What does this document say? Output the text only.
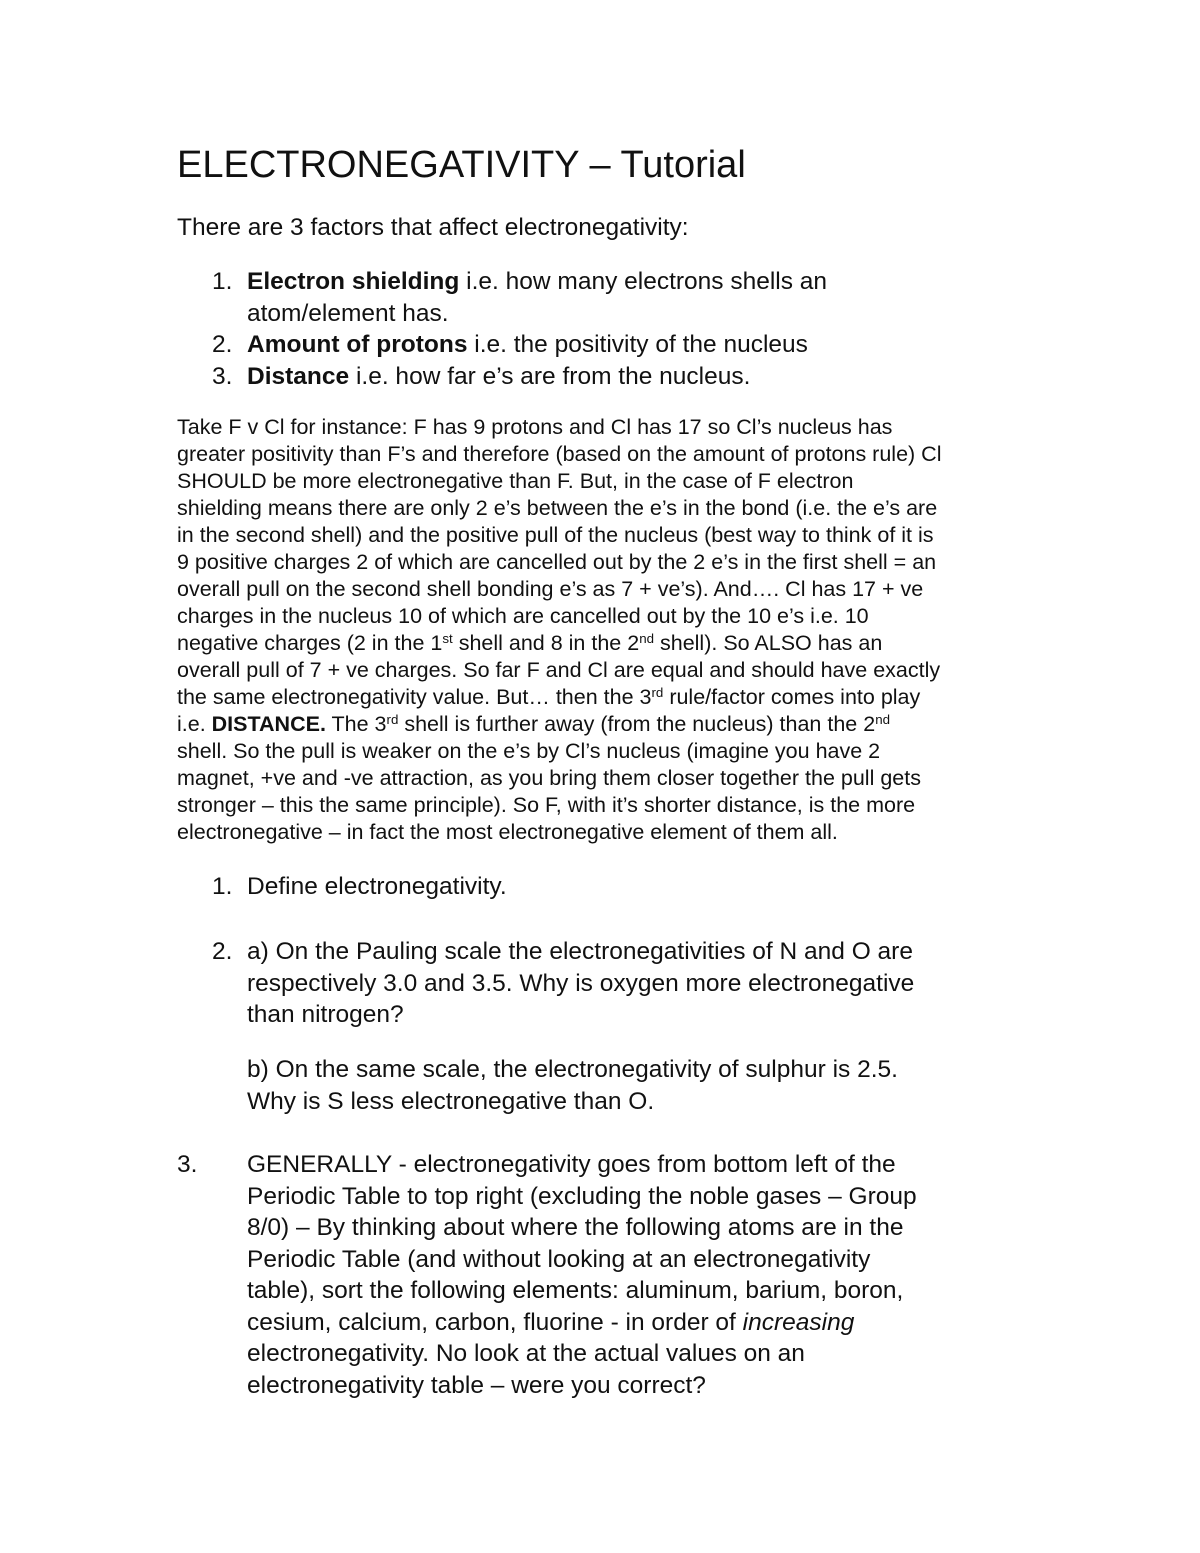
ELECTRONEGATIVITY – Tutorial

There are 3 factors that affect electronegativity:

1. Electron shielding i.e. how many electrons shells an atom/element has.
2. Amount of protons i.e. the positivity of the nucleus
3. Distance i.e. how far e’s are from the nucleus.
Take F v Cl for instance: F has 9 protons and Cl has 17 so Cl’s nucleus has
greater positivity than F’s and therefore (based on the amount of protons rule) Cl
SHOULD be more electronegative than F. But, in the case of F electron
shielding means there are only 2 e’s between the e’s in the bond (i.e. the e’s are
in the second shell) and the positive pull of the nucleus (best way to think of it is
9 positive charges 2 of which are cancelled out by the 2 e’s in the first shell = an
overall pull on the second shell bonding e’s as 7 + ve’s). And…. Cl has 17 + ve
charges in the nucleus 10 of which are cancelled out by the 10 e’s i.e. 10
negative charges (2 in the 1st shell and 8 in the 2nd shell). So ALSO has an
overall pull of 7 + ve charges. So far F and Cl are equal and should have exactly
the same electronegativity value. But… then the 3rd rule/factor comes into play
i.e. DISTANCE. The 3rd shell is further away (from the nucleus) than the 2nd
shell. So the pull is weaker on the e’s by Cl’s nucleus (imagine you have 2
magnet, +ve and -ve attraction, as you bring them closer together the pull gets
stronger – this the same principle). So F, with it’s shorter distance, is the more
electronegative – in fact the most electronegative element of them all.
1. Define electronegativity.

2. a) On the Pauling scale the electronegativities of N and O are
respectively 3.0 and 3.5. Why is oxygen more electronegative
than nitrogen?
b) On the same scale, the electronegativity of sulphur is 2.5.
Why is S less electronegative than O.
3. GENERALLY - electronegativity goes from bottom left of the
Periodic Table to top right (excluding the noble gases – Group
8/0) – By thinking about where the following atoms are in the
Periodic Table (and without looking at an electronegativity
table), sort the following elements: aluminum, barium, boron,
cesium, calcium, carbon, fluorine - in order of increasing
electronegativity. No look at the actual values on an
electronegativity table – were you correct?
